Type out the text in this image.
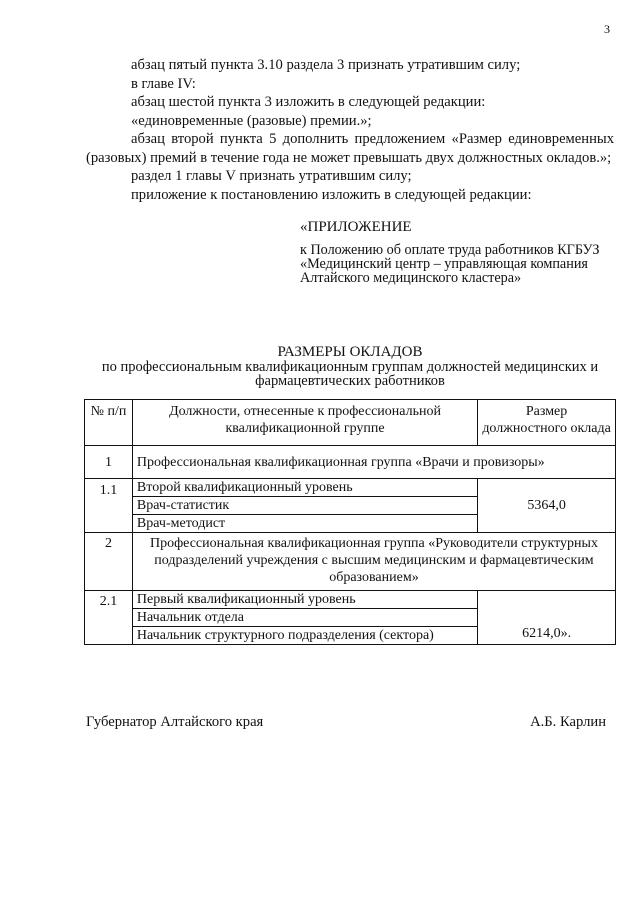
3

абзац пятый пункта 3.10 раздела 3 признать утратившим силу;

в главе IV:

абзац шестой пункта 3 изложить в следующей редакции:

«единовременные (разовые) премии.»;

абзац второй пункта 5 дополнить предложением «Размер единовременных (разовых) премий в течение года не может превышать двух должностных окладов.»;

раздел 1 главы V признать утратившим силу;

приложение к постановлению изложить в следующей редакции:

«ПРИЛОЖЕНИЕ
к Положению об оплате труда работников КГБУЗ «Медицинский центр – управляющая компания Алтайского медицинского кластера»
РАЗМЕРЫ ОКЛАДОВ
по профессиональным квалификационным группам должностей медицинских и фармацевтических работников
№ п/п	Должности, отнесенные к профессиональной квалификационной группе	Размер должностного оклада
1	Профессиональная квалификационная группа «Врачи и провизоры»	
1.1	Второй квалификационный уровень	5364,0
	Врач-статистик	
	Врач-методист	
2	Профессиональная квалификационная группа «Руководители структурных подразделений учреждения с высшим медицинским и фармацевтическим образованием»	
2.1	Первый квалификационный уровень	6214,0».
	Начальник отдела	
	Начальник структурного подразделения (сектора)	
Губернатор Алтайского края	А.Б. Карлин
